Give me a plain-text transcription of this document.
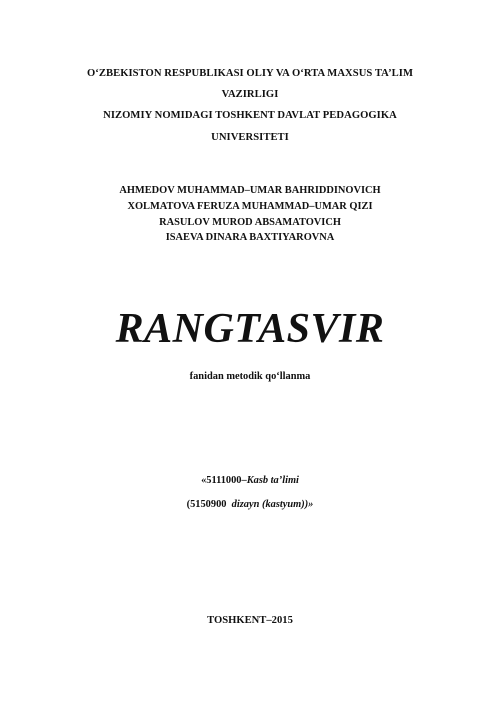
O‘ZBEKISTON RESPUBLIKASI OLIY VA O‘RTA MAXSUS TA’LIM
VAZIRLIGI
NIZOMIY NOMIDAGI TOSHKENT DAVLAT PEDAGOGIKA
UNIVERSITETI
AHMEDOV MUHAMMAD–UMAR BAHRIDDINOVICH
XOLMATOVA FERUZA MUHAMMAD–UMAR QIZI
RASULOV MUROD ABSAMATOVICH
ISAEVA DINARA BAXTIYAROVNA
RANGTASVIR
fanidan metodik qo‘llanma
«5111000–Kasb ta’limi
(5150900 dizayn (kastyum))»
TOSHKENT–2015
